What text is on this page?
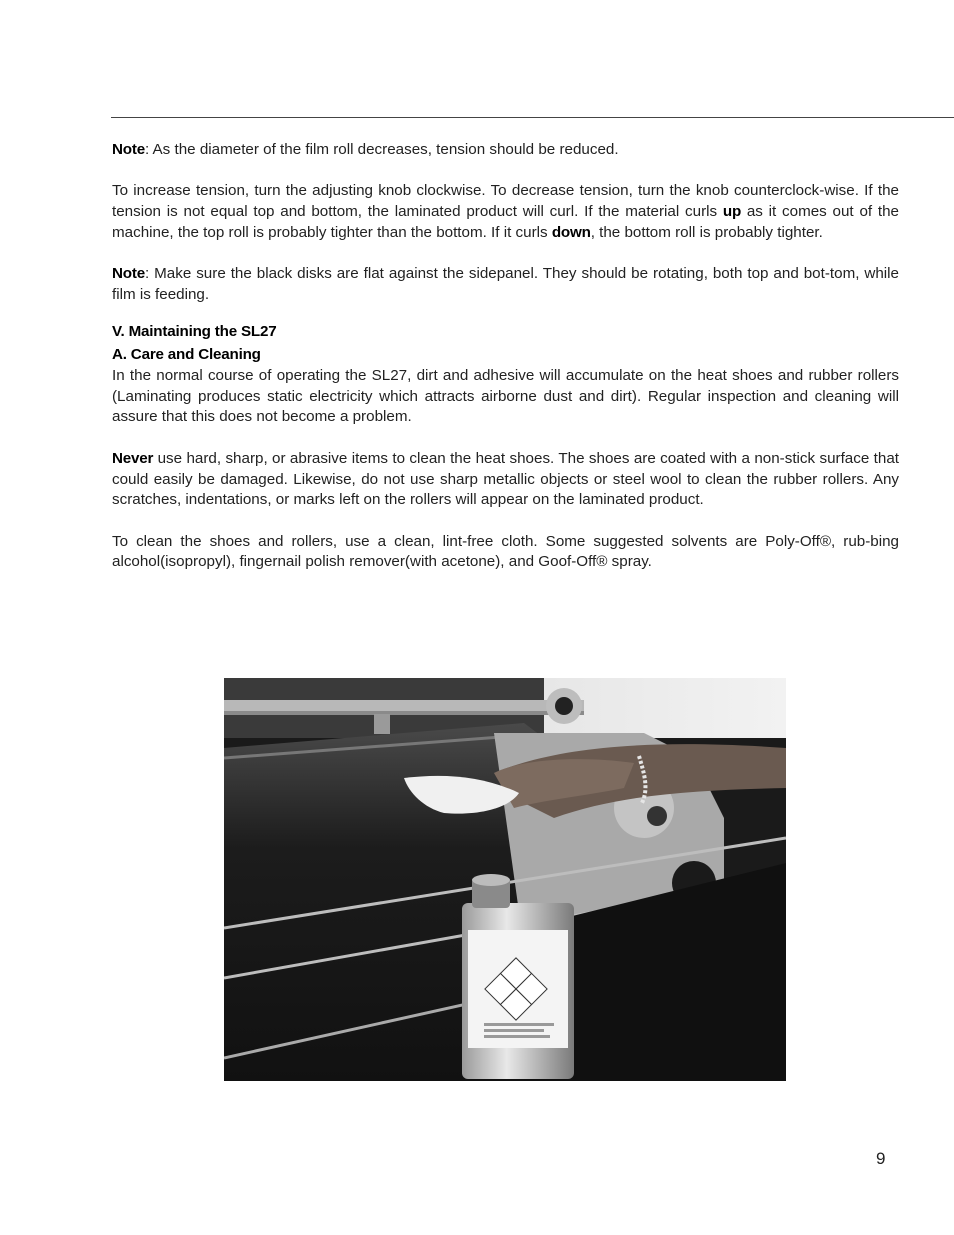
Note: As the diameter of the film roll decreases, tension should be reduced.

To increase tension, turn the adjusting knob clockwise. To decrease tension, turn the knob counterclock-wise. If the tension is not equal top and bottom, the laminated product will curl. If the material curls up as it comes out of the machine, the top roll is probably tighter than the bottom. If it curls down, the bottom roll is probably tighter.

Note: Make sure the black disks are flat against the sidepanel. They should be rotating, both top and bot-tom, while film is feeding.

V. Maintaining the SL27
A. Care and Cleaning

In the normal course of operating the SL27, dirt and adhesive will accumulate on the heat shoes and rubber rollers (Laminating produces static electricity which attracts airborne dust and dirt). Regular inspection and cleaning will assure that this does not become a problem.

Never use hard, sharp, or abrasive items to clean the heat shoes. The shoes are coated with a non-stick surface that could easily be damaged. Likewise, do not use sharp metallic objects or steel wool to clean the rubber rollers. Any scratches, indentations, or marks left on the rollers will appear on the laminated product.

To clean the shoes and rollers, use a clean, lint-free cloth. Some suggested solvents are Poly-Off®, rub-bing alcohol(isopropyl), fingernail polish remover(with acetone), and Goof-Off® spray.

9
